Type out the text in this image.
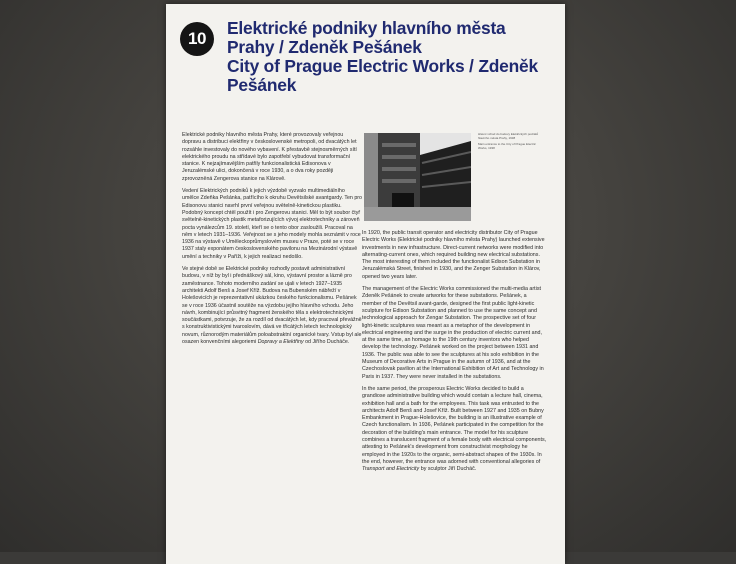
10
Elektrické podniky hlavního města Prahy / Zdeněk Pešánek
City of Prague Electric Works / Zdeněk Pešánek

Elektrické podniky hlavního města Prahy, které provozovaly veřejnou dopravu a distribuci elektřiny v československé metropoli, od dvacátých let rozsáhle investovaly do nového vybavení. K přestavbě stejnosměrných sítí elektrického proudu na střídavé bylo zapotřebí vybudovat transformační stanice. K nejzajímavějším patřily funkcionalistická Edisonova v Jeruzalémské ulici, dokončená v roce 1930, a o dva roky později zprovozněná Zengerova stanice na Klárově.

Vedení Elektrických podniků k jejich výzdobě vyzvalo multimediálního umělce Zdeňka Pešánka, patřícího k okruhu Devětsilské avantgardy. Ten pro Edisonovu stanici navrhl první veřejnou světelně-kinetickou plastiku. Podobný koncept chtěl použít i pro Zengerovu stanici. Měl to být soubor čtyř světelně-kinetických plastik metaforizujících vývoj elektrotechniky a zároveň pocta vynálezcům 19. století, kteří se o tento obor zasloužili. Pracoval na něm v letech 1931–1936. Veřejnost se s jeho modely mohla seznámit v roce 1936 na výstavě v Uměleckoprůmyslovém museu v Praze, poté se v roce 1937 staly exponátem československého pavilonu na Mezinárodní výstavě umění a techniky v Paříži, k jejich realizaci nedošlo.

Ve stejné době se Elektrické podniky rozhodly postavit administrativní budovu, v níž by byl i přednáškový sál, kino, výstavní prostor a lázně pro zaměstnance. Tohoto moderního zadání se ujali v letech 1927–1935 architekti Adolf Benš a Josef Kříž. Budova na Bubenském nábřeží v Holešovicích je reprezentativní ukázkou českého funkcionalismu. Pešánek se v roce 1936 účastnil soutěže na výzdobu jejího hlavního vchodu. Jeho návrh, kombinující průsvitný fragment ženského těla s elektrotechnickými součástkami, potvrzuje, že za rozdíl od dvacátých let, kdy pracoval převážně s konstruktivistickými tvaroslovím, dává ve třicátých letech technologický novum, různorodým materiálům poloabstraktní organické tvary. Vstup byl ale osazen konvenčními alegoriemi Dopravy a Elektřiny od Jiřího Ducháče.

Hlavní vchod do budovy Elektrických podniků hlavního města Prahy, 1938

Main entrance to the City of Prague Electric Works, 1938

In 1920, the public transit operator and electricity distributor City of Prague Electric Works (Elektrické podniky hlavního města Prahy) launched extensive investments in new infrastructure. Direct-current networks were modified into alternating-current ones, which required building new electrical substations. The most interesting of them included the functionalist Edison Substation in Jeruzalémská Street, finished in 1930, and the Zenger Substation in Klárov, opened two years later.

The management of the Electric Works commissioned the multi-media artist Zdeněk Pešánek to create artworks for these substations. Pešánek, a member of the Devětsil avant-garde, designed the first public light-kinetic sculpture for Edison Substation and planned to use the same concept and technological approach for Zengar Substation. The prospective set of four light-kinetic sculptures was meant as a metaphor of the development in electrical engineering and the surge in the production of electric current and, at the same time, an homage to the 19th century inventors who helped develop the technology. Pešánek worked on the project between 1931 and 1936. The public was able to see the sculptures at his solo exhibition in the Museum of Decorative Arts in Prague in the autumn of 1936, and at the Czechoslovak pavilion at the International Exhibition of Art and Technology in Paris in 1937. They were never installed in the substations.

In the same period, the prosperous Electric Works decided to build a grandiose administrative building which would contain a lecture hall, cinema, exhibition hall and a bath for the employees. This task was entrusted to the architects Adolf Benš and Josef Kříž. Built between 1927 and 1935 on Bubny Embankment in Prague-Holešovice, the building is an illustrative example of Czech functionalism. In 1936, Pešánek participated in the competition for the decoration of the building's main entrance. The model for his sculpture combines a translucent fragment of a female body with electrical components, attesting to Pešánek's development from constructivist morphology he employed in the 1920s to the organic, semi-abstract shapes of the 1930s. In the end, however, the entrance was adorned with conventional allegories of Transport and Electricity by sculptor Jiří Ducháč.
